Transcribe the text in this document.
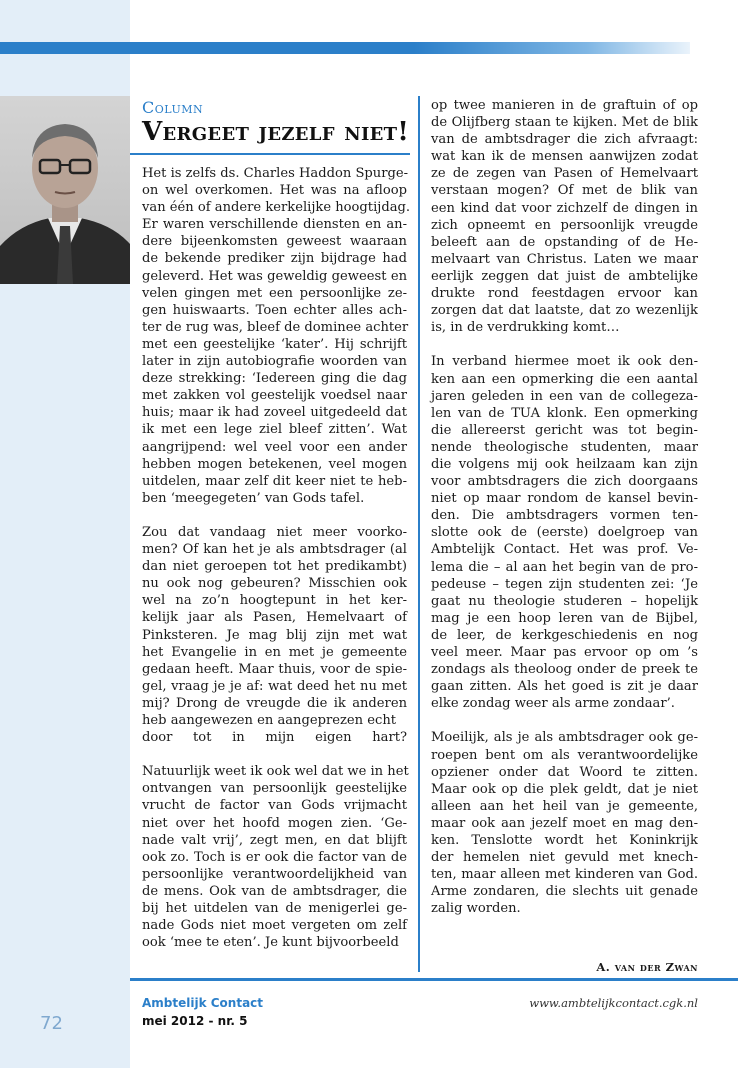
Column
Vergeet jezelf niet!
Het is zelfs ds. Charles Haddon Spurge-
on wel overkomen. Het was na afloop
van één of andere kerkelijke hoogtijdag.
Er waren verschillende diensten en an-
dere bijeenkomsten geweest waaraan
de bekende prediker zijn bijdrage had
geleverd. Het was geweldig geweest en
velen gingen met een persoonlijke ze-
gen huiswaarts. Toen echter alles ach-
ter de rug was, bleef de dominee achter
met een geestelijke ‘kater’. Hij schrijft
later in zijn autobiografie woorden van
deze strekking: ‘Iedereen ging die dag
met zakken vol geestelijk voedsel naar
huis; maar ik had zoveel uitgedeeld dat
ik met een lege ziel bleef zitten’. Wat
aangrijpend: wel veel voor een ander
hebben mogen betekenen, veel mogen
uitdelen, maar zelf dit keer niet te heb-
ben ‘meegegeten’ van Gods tafel.
Zou dat vandaag niet meer voorko-
men? Of kan het je als ambtsdrager (al
dan niet geroepen tot het predikambt)
nu ook nog gebeuren? Misschien ook
wel na zo’n hoogtepunt in het ker-
kelijk jaar als Pasen, Hemelvaart of
Pinksteren. Je mag blij zijn met wat
het Evangelie in en met je gemeente
gedaan heeft. Maar thuis, voor de spie-
gel, vraag je je af: wat deed het nu met
mij? Drong de vreugde die ik anderen
heb aangewezen en aangeprezen echt
door tot in mijn eigen hart?
Natuurlijk weet ik ook wel dat we in het
ontvangen van persoonlijk geestelijke
vrucht de factor van Gods vrijmacht
niet over het hoofd mogen zien. ‘Ge-
nade valt vrij’, zegt men, en dat blijft
ook zo. Toch is er ook die factor van de
persoonlijke verantwoordelijkheid van
de mens. Ook van de ambtsdrager, die
bij het uitdelen van de menigerlei ge-
nade Gods niet moet vergeten om zelf
ook ‘mee te eten’. Je kunt bijvoorbeeld
op twee manieren in de graftuin of op
de Olijfberg staan te kijken. Met de blik
van de ambtsdrager die zich afvraagt:
wat kan ik de mensen aanwijzen zodat
ze de zegen van Pasen of Hemelvaart
verstaan mogen? Of met de blik van
een kind dat voor zichzelf de dingen in
zich opneemt en persoonlijk vreugde
beleeft aan de opstanding of de He-
melvaart van Christus. Laten we maar
eerlijk zeggen dat juist de ambtelijke
drukte rond feestdagen ervoor kan
zorgen dat dat laatste, dat zo wezenlijk
is, in de verdrukking komt…
In verband hiermee moet ik ook den-
ken aan een opmerking die een aantal
jaren geleden in een van de collegeza-
len van de TUA klonk. Een opmerking
die allereerst gericht was tot begin-
nende theologische studenten, maar
die volgens mij ook heilzaam kan zijn
voor ambtsdragers die zich doorgaans
niet op maar rondom de kansel bevin-
den. Die ambtsdragers vormen ten-
slotte ook de (eerste) doelgroep van
Ambtelijk Contact. Het was prof. Ve-
lema die – al aan het begin van de pro-
pedeuse – tegen zijn studenten zei: ‘Je
gaat nu theologie studeren – hopelijk
mag je een hoop leren van de Bijbel,
de leer, de kerkgeschiedenis en nog
veel meer. Maar pas ervoor op om ’s
zondags als theoloog onder de preek te
gaan zitten. Als het goed is zit je daar
elke zondag weer als arme zondaar’.
Moeilijk, als je als ambtsdrager ook ge-
roepen bent om als verantwoordelijke
opziener onder dat Woord te zitten.
Maar ook op die plek geldt, dat je niet
alleen aan het heil van je gemeente,
maar ook aan jezelf moet en mag den-
ken. Tenslotte wordt het Koninkrijk
der hemelen niet gevuld met knech-
ten, maar alleen met kinderen van God.
Arme zondaren, die slechts uit genade
zalig worden.
A. van der Zwan
72
Ambtelijk Contact
mei 2012 - nr. 5
www.ambtelijkcontact.cgk.nl
